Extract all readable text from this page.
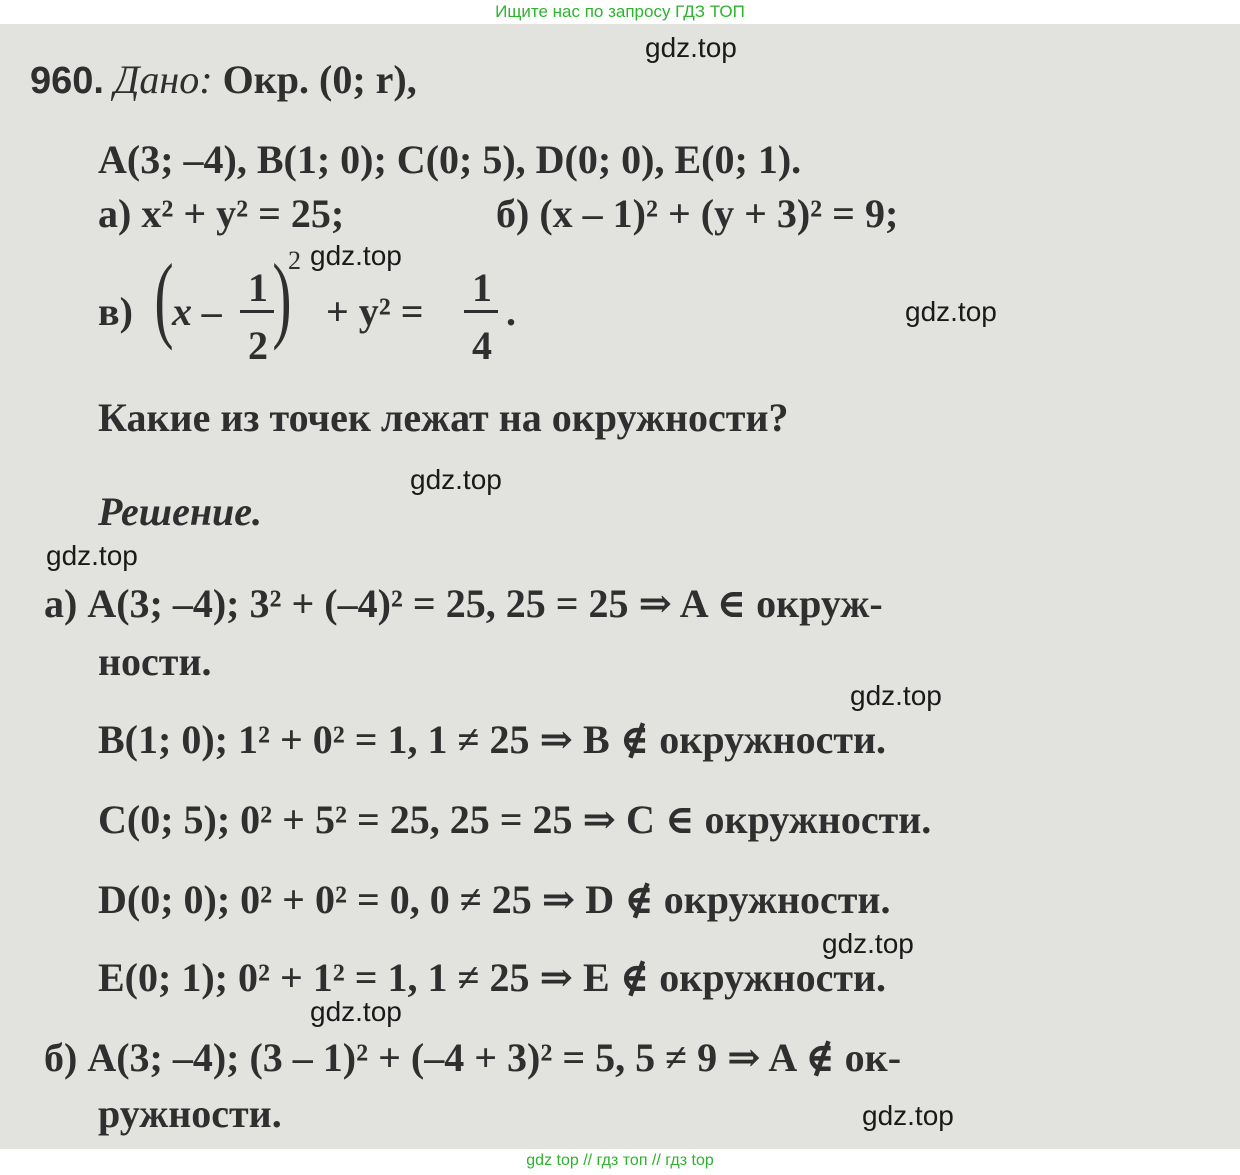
Ищите нас по запросу ГДЗ ТОП
960. Дано: Окр. (0; r),
A(3; –4), B(1; 0); C(0; 5), D(0; 0), E(0; 1).
а) x² + y² = 25;	б) (x – 1)² + (y + 3)² = 9;
в) (
x –
1
2 )
2
+ y² =
1
4
.
Какие из точек лежат на окружности?
Решение.
а) A(3; –4); 3² + (–4)² = 25, 25 = 25 ⇒ A ∈ окруж-
ности.
B(1; 0); 1² + 0² = 1, 1 ≠ 25 ⇒ B ∉ окружности.
C(0; 5); 0² + 5² = 25, 25 = 25 ⇒ C ∈ окружности.
D(0; 0); 0² + 0² = 0, 0 ≠ 25 ⇒ D ∉ окружности.
E(0; 1); 0² + 1² = 1, 1 ≠ 25 ⇒ E ∉ окружности.
б) A(3; –4); (3 – 1)² + (–4 + 3)² = 5, 5 ≠ 9 ⇒ A ∉ ок-
ружности.
gdz.top
gdz.top
gdz.top
gdz.top
gdz.top
gdz.top
gdz.top
gdz.top
gdz.top
gdz top // гдз топ // гдз top
